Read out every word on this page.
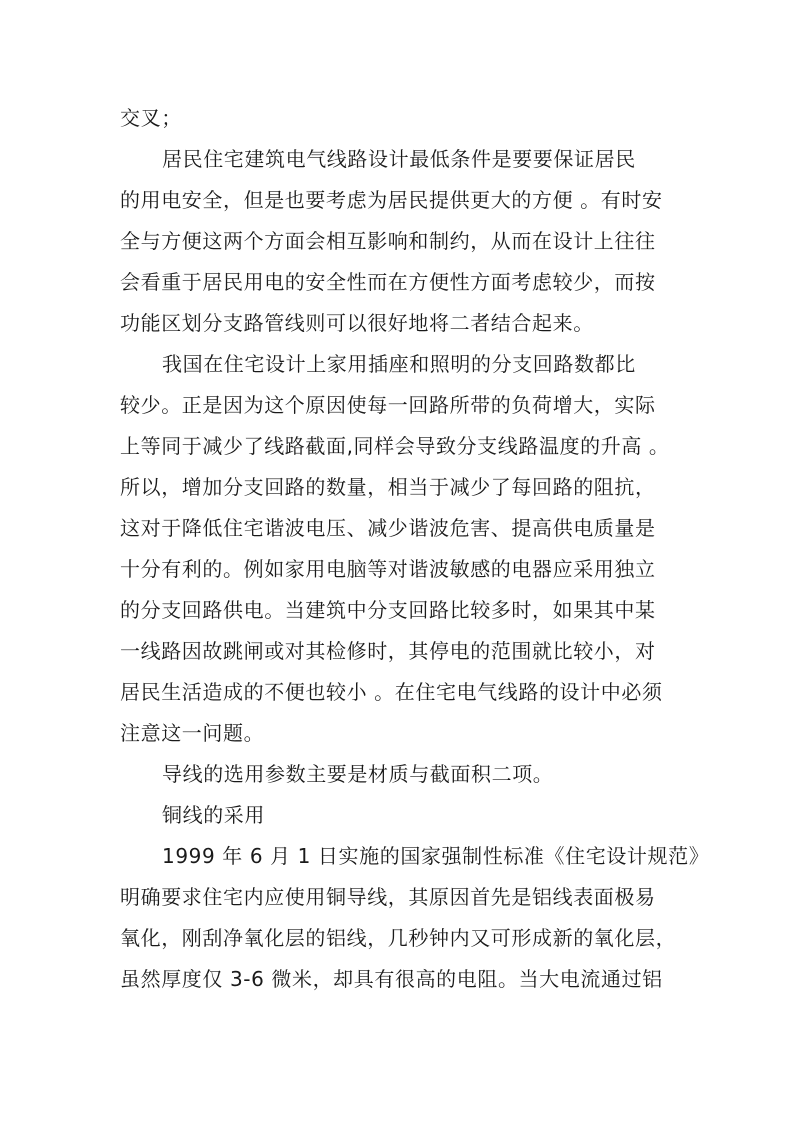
交叉；
居民住宅建筑电气线路设计最低条件是要要保证居民
的用电安全，但是也要考虑为居民提供更大的方便 。有时安
全与方便这两个方面会相互影响和制约，从而在设计上往往
会看重于居民用电的安全性而在方便性方面考虑较少，而按
功能区划分支路管线则可以很好地将二者结合起来。
我国在住宅设计上家用插座和照明的分支回路数都比
较少。正是因为这个原因使每一回路所带的负荷增大，实际
上等同于减少了线路截面,同样会导致分支线路温度的升高 。
所以，增加分支回路的数量，相当于减少了每回路的阻抗，
这对于降低住宅谐波电压、减少谐波危害、提高供电质量是
十分有利的。例如家用电脑等对谐波敏感的电器应采用独立
的分支回路供电。当建筑中分支回路比较多时，如果其中某
一线路因故跳闸或对其检修时，其停电的范围就比较小，对
居民生活造成的不便也较小 。在住宅电气线路的设计中必须
注意这一问题。
导线的选用参数主要是材质与截面积二项。
铜线的采用
1999 年 6 月 1 日实施的国家强制性标准《住宅设计规范》
明确要求住宅内应使用铜导线，其原因首先是铝线表面极易
氧化，刚刮净氧化层的铝线，几秒钟内又可形成新的氧化层，
虽然厚度仅 3-6 微米，却具有很高的电阻。当大电流通过铝
